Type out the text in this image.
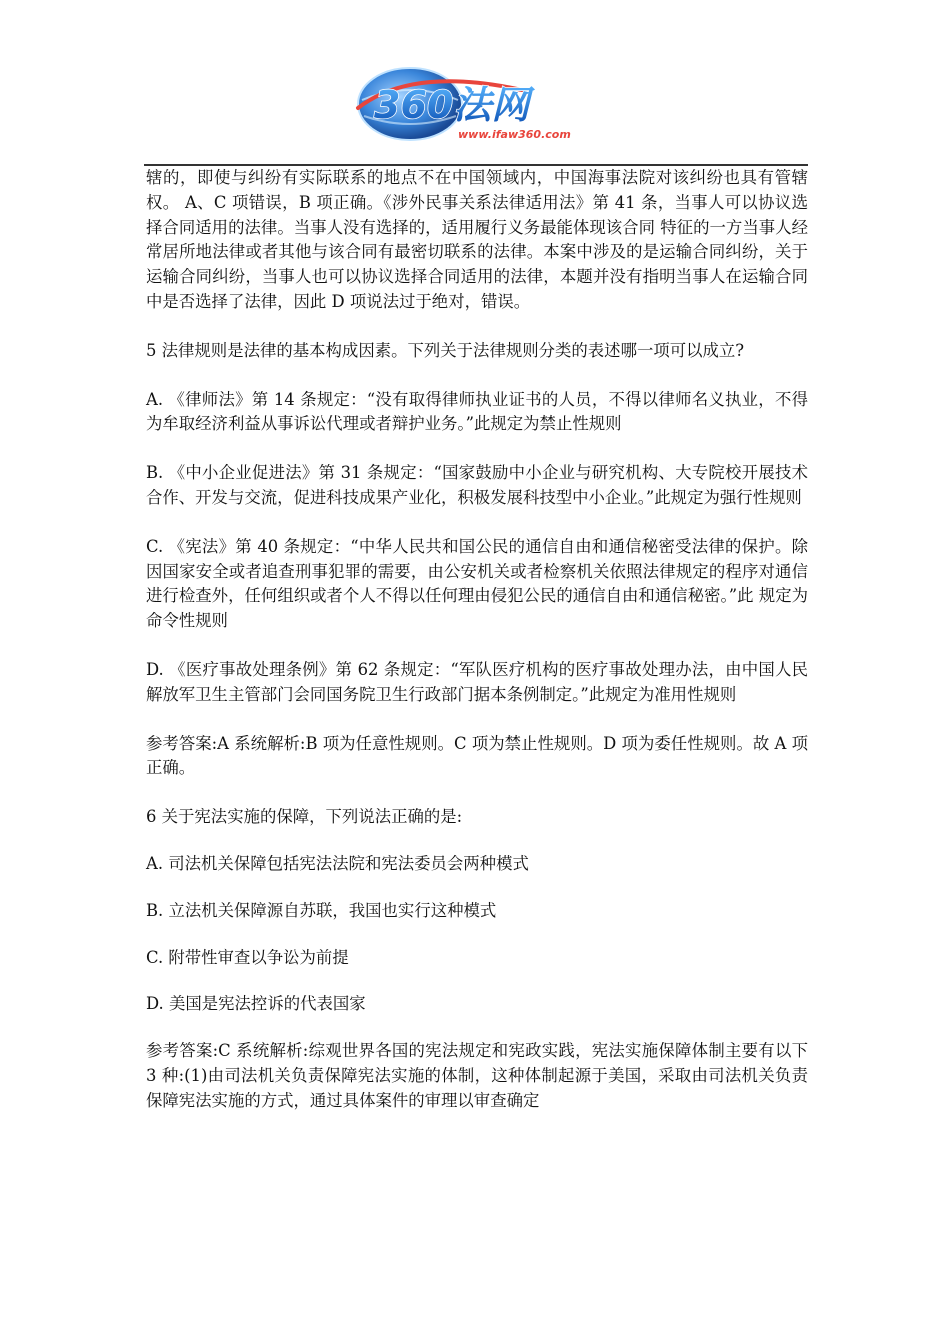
360法网
www.ifaw360.com

辖的，即使与纠纷有实际联系的地点不在中国领域内，中国海事法院对该纠纷也具有管辖权。 A、C 项错误，B 项正确。《涉外民事关系法律适用法》第 41 条，当事人可以协议选择合同适用的法律。当事人没有选择的，适用履行义务最能体现该合同 特征的一方当事人经常居所地法律或者其他与该合同有最密切联系的法律。本案中涉及的是运输合同纠纷，关于运输合同纠纷，当事人也可以协议选择合同适用的法律，本题并没有指明当事人在运输合同中是否选择了法律，因此 D 项说法过于绝对，错误。

5 法律规则是法律的基本构成因素。下列关于法律规则分类的表述哪一项可以成立?

A. 《律师法》第 14 条规定：“没有取得律师执业证书的人员，不得以律师名义执业，不得为牟取经济利益从事诉讼代理或者辩护业务。”此规定为禁止性规则

B. 《中小企业促进法》第 31 条规定：“国家鼓励中小企业与研究机构、大专院校开展技术合作、开发与交流，促进科技成果产业化，积极发展科技型中小企业。”此规定为强行性规则

C. 《宪法》第 40 条规定：“中华人民共和国公民的通信自由和通信秘密受法律的保护。除因国家安全或者追查刑事犯罪的需要，由公安机关或者检察机关依照法律规定的程序对通信进行检查外，任何组织或者个人不得以任何理由侵犯公民的通信自由和通信秘密。”此 规定为命令性规则

D. 《医疗事故处理条例》第 62 条规定：“军队医疗机构的医疗事故处理办法，由中国人民解放军卫生主管部门会同国务院卫生行政部门据本条例制定。”此规定为准用性规则

参考答案:A 系统解析:B 项为任意性规则。C 项为禁止性规则。D 项为委任性规则。故 A 项 正确。

6 关于宪法实施的保障，下列说法正确的是:

A. 司法机关保障包括宪法法院和宪法委员会两种模式

B. 立法机关保障源自苏联，我国也实行这种模式

C. 附带性审查以争讼为前提

D. 美国是宪法控诉的代表国家

参考答案:C 系统解析:综观世界各国的宪法规定和宪政实践，宪法实施保障体制主要有以下 3 种:(1)由司法机关负责保障宪法实施的体制，这种体制起源于美国，采取由司法机关负责保障宪法实施的方式，通过具体案件的审理以审查确定
